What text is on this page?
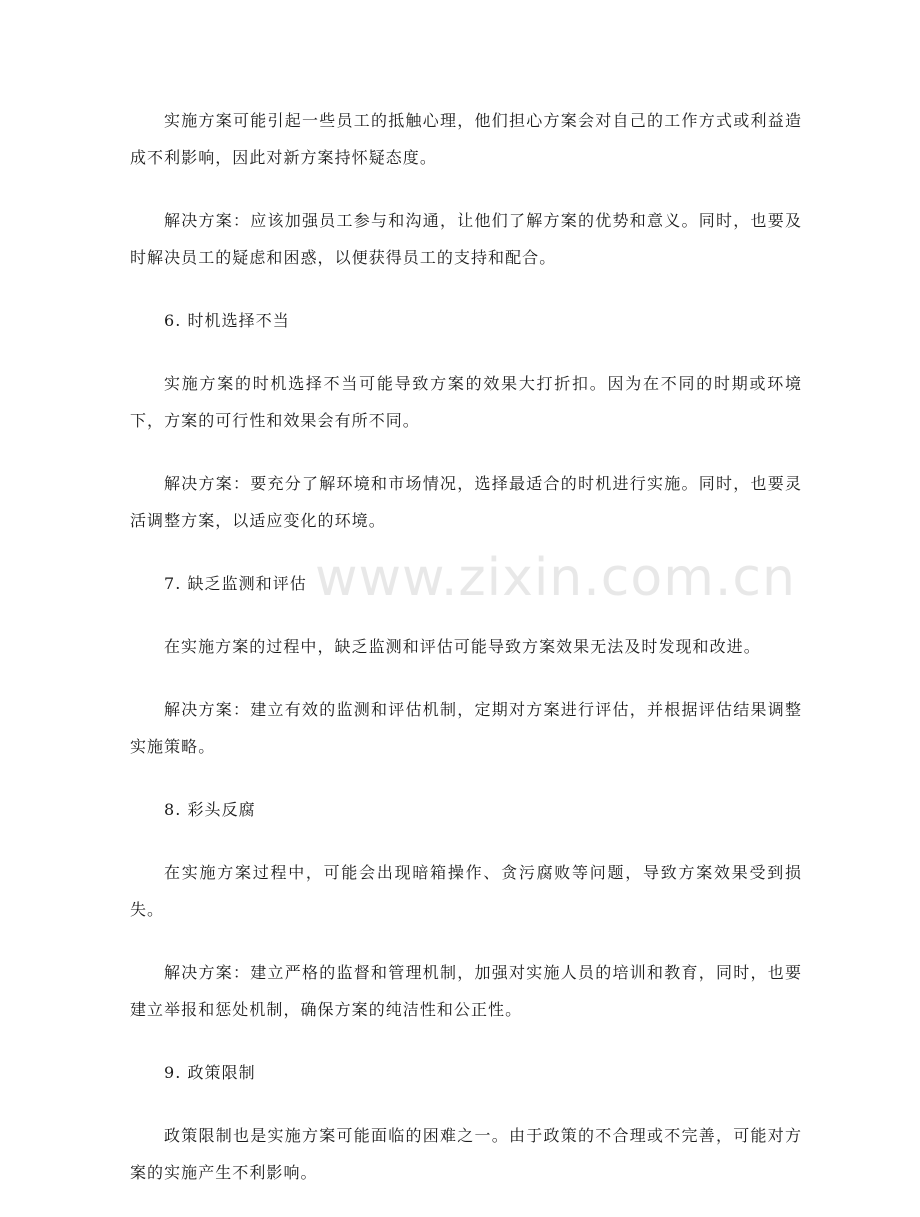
实施方案可能引起一些员工的抵触心理，他们担心方案会对自己的工作方式或利益造成不利影响，因此对新方案持怀疑态度。

解决方案：应该加强员工参与和沟通，让他们了解方案的优势和意义。同时，也要及时解决员工的疑虑和困惑，以便获得员工的支持和配合。

6. 时机选择不当

实施方案的时机选择不当可能导致方案的效果大打折扣。因为在不同的时期或环境下，方案的可行性和效果会有所不同。

解决方案：要充分了解环境和市场情况，选择最适合的时机进行实施。同时，也要灵活调整方案，以适应变化的环境。

7. 缺乏监测和评估

在实施方案的过程中，缺乏监测和评估可能导致方案效果无法及时发现和改进。

解决方案：建立有效的监测和评估机制，定期对方案进行评估，并根据评估结果调整实施策略。

8. 彩头反腐

在实施方案过程中，可能会出现暗箱操作、贪污腐败等问题，导致方案效果受到损失。

解决方案：建立严格的监督和管理机制，加强对实施人员的培训和教育，同时，也要建立举报和惩处机制，确保方案的纯洁性和公正性。

9. 政策限制

政策限制也是实施方案可能面临的困难之一。由于政策的不合理或不完善，可能对方案的实施产生不利影响。

www.zixin.com.cn
